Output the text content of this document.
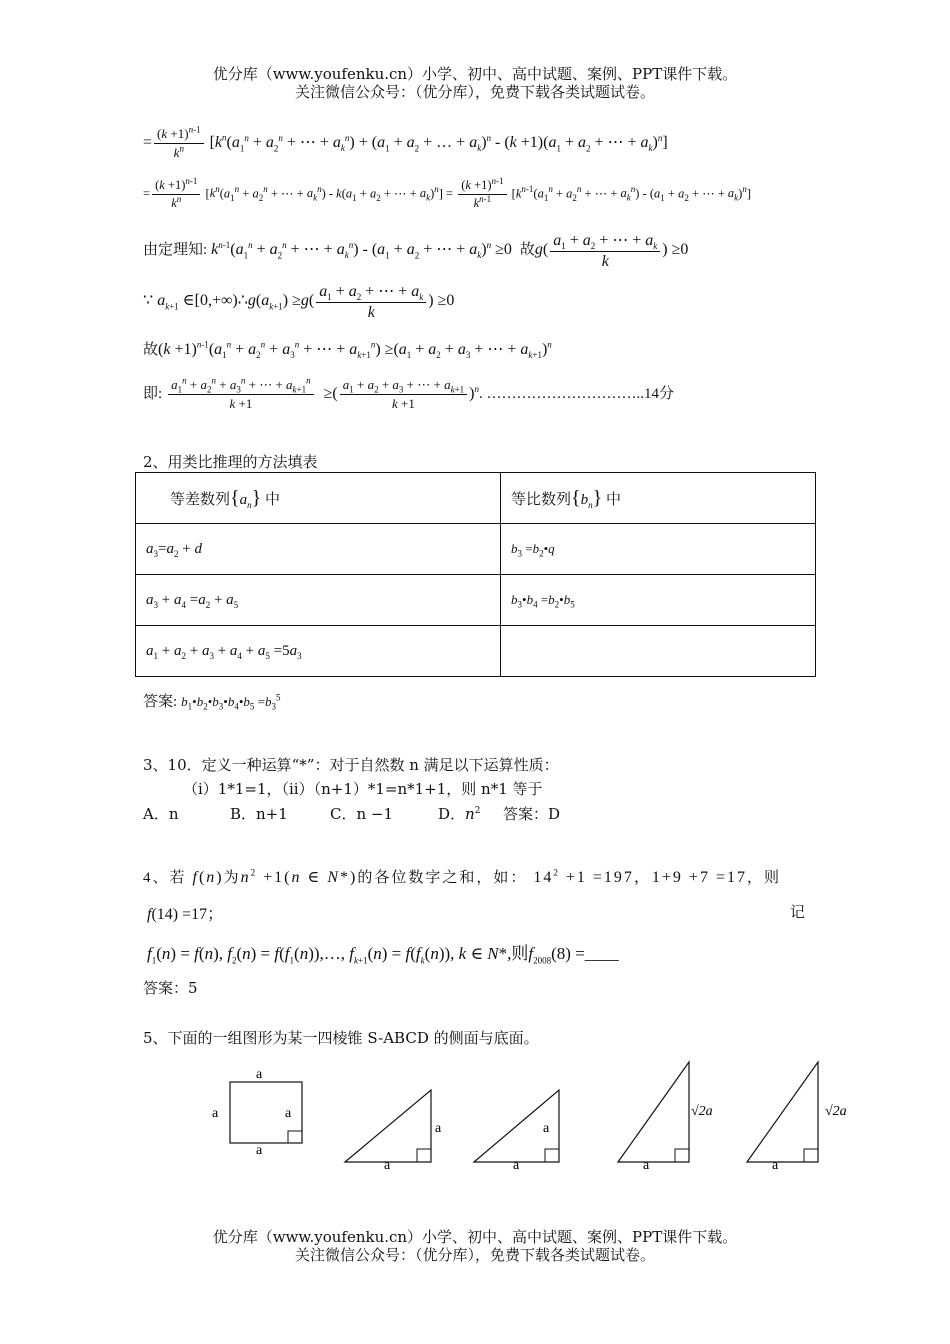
优分库（www.youfenku.cn）小学、初中、高中试题、案例、PPT课件下载。
关注微信公众号：（优分库），免费下载各类试题试卷。
= $\frac{(k +1)^{n-1}}{k^n} [k^n(a_1^n + a_2^n$ + ⋯ + $a_k^n) + (a_1 + a_2$ + … + $a_k)^n - (k +1)(a_1 + a_2$ + ⋯ + $a_k)^n$]
= $\frac{(k +1)^{n-1}}{k^n} [k^n(a_1^n + a_2^n$ + ⋯ + $a_k^n) - k(a_1 + a_2$ + ⋯ + $a_k)^n] = \frac{(k +1)^{n-1}}{k^{n-1}} [k^{n-1}(a_1^n + a_2^n$ + ⋯ + $a_k^n) - (a_1 + a_2$ + ⋯ + $a_k)^n$]
由定理知: $k^{n-1}(a_1^n + a_2^n$ + ⋯ + $a_k^n) - (a_1 + a_2$ + ⋯ + $a_k)^n \ge 0$  故$g( \frac{a_1 + a_2 + \cdots + a_k}{k}$ ) ≥0
∵ $a_{k+1}$ $\in[0,+\infty)\therefore g(a_{k+1}) \ge g( \frac{a_1 + a_2 + \cdots + a_k}{k}$ ) ≥0
故$(k +1)^{n-1}(a_1^n + a_2^n + a_3^n$ + ⋯ + $a_{k+1}^n) \ge(a_1 + a_2 + a_3$ + ⋯ + $a_{k+1})^n$
即: $\frac{a_1^n + a_2^n + a_3^n + \cdots + a_{k+1}^n}{k +1}$ ≥( $\frac{a_1 + a_2 + a_3 + \cdots + a_{k+1}}{k +1} )^n$. …………………………..14分
2、用类比推理的方法填表
等差数列$\{a_n\}$ 中	等比数列$\{b_n\}$ 中
$a_3=a_2 + d$	$b_3$ $=b_2•q$
$a_3 + a_4 =a_2 + a_5$	$b_3•b_4$ $=b_2•b_5$
$a_1 + a_2 + a_3 + a_4 + a_5 =5a_3$	
答案: $b_1•b_2•b_3•b_4•b_5 =b_3^5$
3、10．定义一种运算“*”：对于自然数 n 满足以下运算性质：
（i）1*1=1，（ii）（n+1）*1=n*1+1，则 n*1 等于
A．n	B．n+1	C．n −1	D．$n^2$ 答案：D
4、若 f(n)为$n^2 +1(n$ ∈ N*)的各位数字之和，如： $14^2 +1 =197$，1+9 +7 =17，则
f(14) =17；	记
$f_1(n) = f(n)$, $f_2(n)$ = $f(f_1(n)),\dots$, $f_{k+1}(n) = f(f_k(n))$, k ∈ N*,则$f_{2008}(8)$ =____
答案：5
5、下面的一组图形为某一四棱锥 S-ABCD 的侧面与底面。
a
a	a
a
a
a
a
a
√2a
a
√2a
a
优分库（www.youfenku.cn）小学、初中、高中试题、案例、PPT课件下载。
关注微信公众号：（优分库），免费下载各类试题试卷。
